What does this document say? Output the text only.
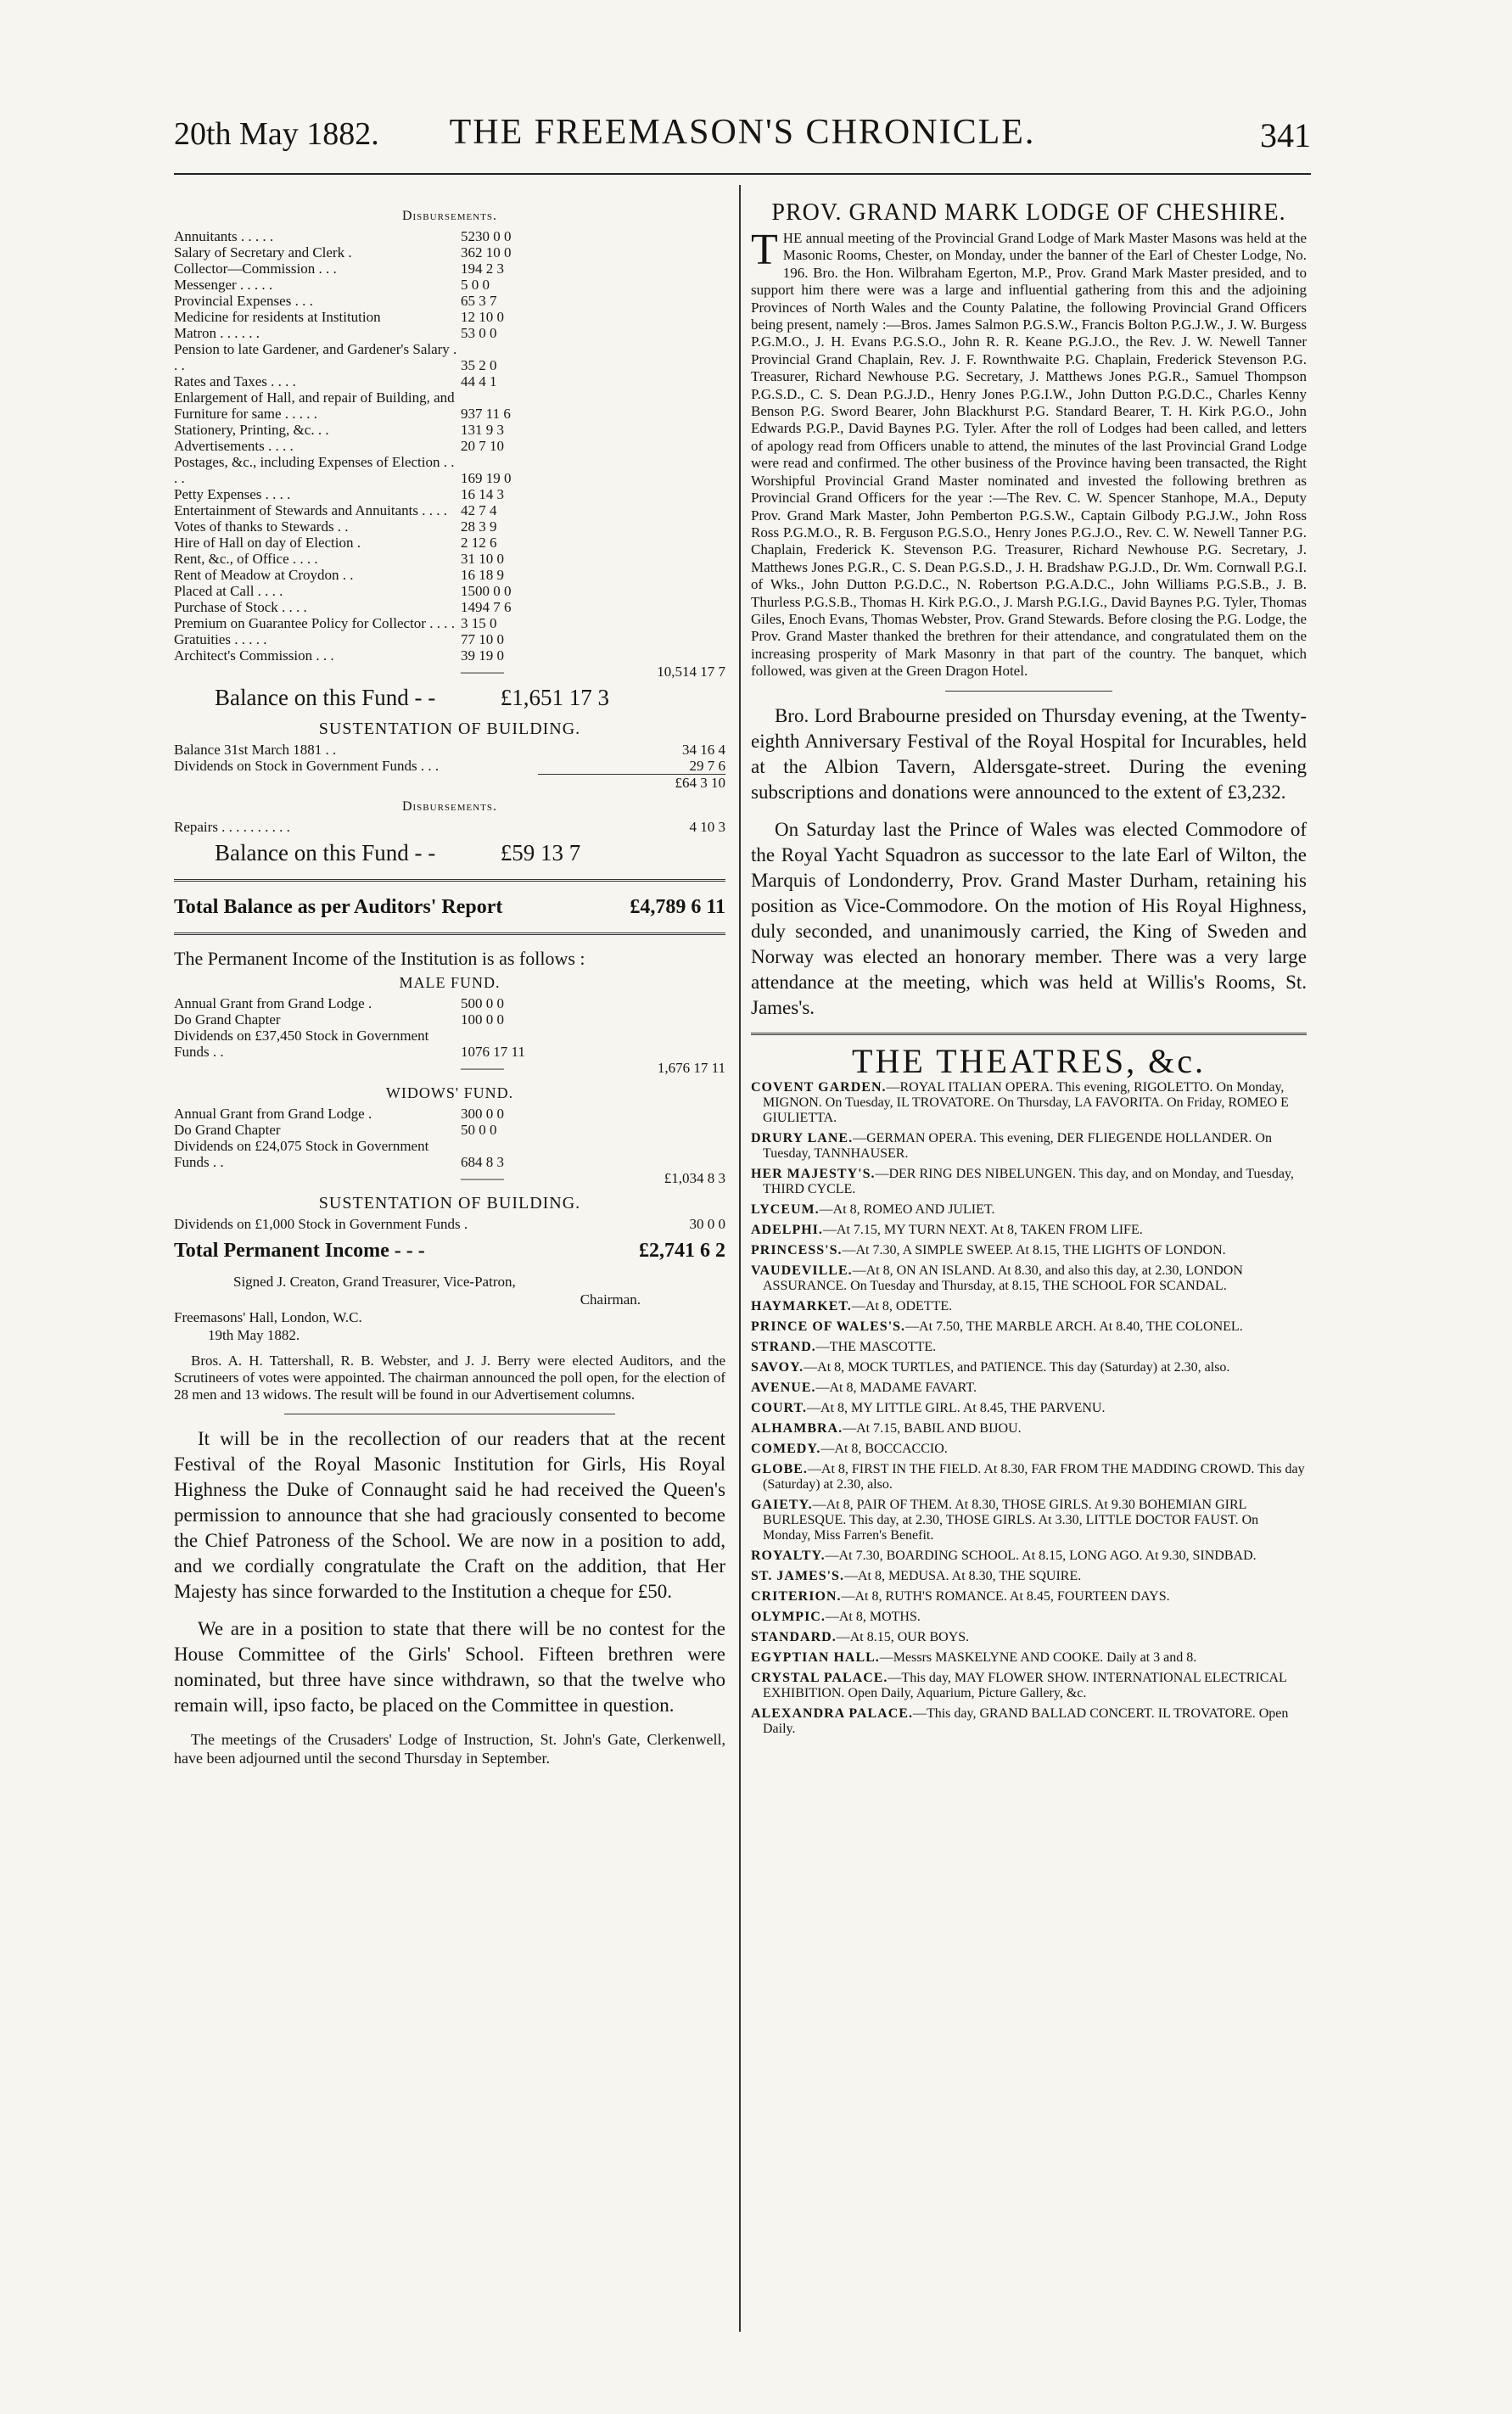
20th May 1882.	THE FREEMASON'S CHRONICLE.	341
Disbursements.
Annuitants . . . . .	5230 0 0	
Salary of Secretary and Clerk .	362 10 0	
Collector—Commission . . .	194 2 3	
Messenger . . . . .	5 0 0	
Provincial Expenses . . .	65 3 7	
Medicine for residents at Institution	12 10 0	
Matron . . . . . .	53 0 0	
Pension to late Gardener, and Gardener's Salary . . .	35 2 0	
Rates and Taxes . . . .	44 4 1	
Enlargement of Hall, and repair of Building, and Furniture for same . . . . .	937 11 6	
Stationery, Printing, &c. . .	131 9 3	
Advertisements . . . .	20 7 10	
Postages, &c., including Expenses of Election . . . .	169 19 0	
Petty Expenses . . . .	16 14 3	
Entertainment of Stewards and Annuitants . . . .	42 7 4	
Votes of thanks to Stewards . .	28 3 9	
Hire of Hall on day of Election .	2 12 6	
Rent, &c., of Office . . . .	31 10 0	
Rent of Meadow at Croydon . .	16 18 9	
Placed at Call . . . .	1500 0 0	
Purchase of Stock . . . .	1494 7 6	
Premium on Guarantee Policy for Collector . . . .	3 15 0	
Gratuities . . . . .	77 10 0	
Architect's Commission . . .	39 19 0	
	———	10,514 17 7
Balance on this Fund - -	£1,651 17 3
SUSTENTATION OF BUILDING.
Balance 31st March 1881 . .	34 16 4
Dividends on Stock in Government Funds . . .	29 7 6
		£64 3 10
Disbursements.
Repairs . . . . . . . . . .	4 10 3
Balance on this Fund - -	£59 13 7
Total Balance as per Auditors' Report	£4,789 6 11
The Permanent Income of the Institution is as follows :
MALE FUND.
Annual Grant from Grand Lodge .	500 0 0	
Do Grand Chapter	100 0 0	
Dividends on £37,450 Stock in Government Funds . .	1076 17 11	
	———	1,676 17 11
WIDOWS' FUND.
Annual Grant from Grand Lodge .	300 0 0	
Do Grand Chapter	50 0 0	
Dividends on £24,075 Stock in Government Funds . .	684 8 3	
	———	£1,034 8 3
SUSTENTATION OF BUILDING.
Dividends on £1,000 Stock in Government Funds .	30 0 0
Total Permanent Income - - -	£2,741 6 2
Signed J. Creaton, Grand Treasurer, Vice-Patron,
Chairman.
Freemasons' Hall, London, W.C.
19th May 1882.

Bros. A. H. Tattershall, R. B. Webster, and J. J. Berry were elected Auditors, and the Scrutineers of votes were appointed. The chairman announced the poll open, for the election of 28 men and 13 widows. The result will be found in our Advertisement columns.

It will be in the recollection of our readers that at the recent Festival of the Royal Masonic Institution for Girls, His Royal Highness the Duke of Connaught said he had received the Queen's permission to announce that she had graciously consented to become the Chief Patroness of the School. We are now in a position to add, and we cordially congratulate the Craft on the addition, that Her Majesty has since forwarded to the Institution a cheque for £50.
We are in a position to state that there will be no contest for the House Committee of the Girls' School. Fifteen brethren were nominated, but three have since withdrawn, so that the twelve who remain will, ipso facto, be placed on the Committee in question.

The meetings of the Crusaders' Lodge of Instruction, St. John's Gate, Clerkenwell, have been adjourned until the second Thursday in September.

PROV. GRAND MARK LODGE OF CHESHIRE.
T HE annual meeting of the Provincial Grand Lodge of Mark Master Masons was held at the Masonic Rooms, Chester, on Monday, under the banner of the Earl of Chester Lodge, No. 196. Bro. the Hon. Wilbraham Egerton, M.P., Prov. Grand Mark Master presided, and to support him there were was a large and influential gathering from this and the adjoining Provinces of North Wales and the County Palatine, the following Provincial Grand Officers being present, namely :—Bros. James Salmon P.G.S.W., Francis Bolton P.G.J.W., J. W. Burgess P.G.M.O., J. H. Evans P.G.S.O., John R. R. Keane P.G.J.O., the Rev. J. W. Newell Tanner Provincial Grand Chaplain, Rev. J. F. Rownthwaite P.G. Chaplain, Frederick Stevenson P.G. Treasurer, Richard Newhouse P.G. Secretary, J. Matthews Jones P.G.R., Samuel Thompson P.G.S.D., C. S. Dean P.G.J.D., Henry Jones P.G.I.W., John Dutton P.G.D.C., Charles Kenny Benson P.G. Sword Bearer, John Blackhurst P.G. Standard Bearer, T. H. Kirk P.G.O., John Edwards P.G.P., David Baynes P.G. Tyler. After the roll of Lodges had been called, and letters of apology read from Officers unable to attend, the minutes of the last Provincial Grand Lodge were read and confirmed. The other business of the Province having been transacted, the Right Worshipful Provincial Grand Master nominated and invested the following brethren as Provincial Grand Officers for the year :—The Rev. C. W. Spencer Stanhope, M.A., Deputy Prov. Grand Mark Master, John Pemberton P.G.S.W., Captain Gilbody P.G.J.W., John Ross Ross P.G.M.O., R. B. Ferguson P.G.S.O., Henry Jones P.G.J.O., Rev. C. W. Newell Tanner P.G. Chaplain, Frederick K. Stevenson P.G. Treasurer, Richard Newhouse P.G. Secretary, J. Matthews Jones P.G.R., C. S. Dean P.G.S.D., J. H. Bradshaw P.G.J.D., Dr. Wm. Cornwall P.G.I. of Wks., John Dutton P.G.D.C., N. Robertson P.G.A.D.C., John Williams P.G.S.B., J. B. Thurless P.G.S.B., Thomas H. Kirk P.G.O., J. Marsh P.G.I.G., David Baynes P.G. Tyler, Thomas Giles, Enoch Evans, Thomas Webster, Prov. Grand Stewards. Before closing the P.G. Lodge, the Prov. Grand Master thanked the brethren for their attendance, and congratulated them on the increasing prosperity of Mark Masonry in that part of the country. The banquet, which followed, was given at the Green Dragon Hotel.
Bro. Lord Brabourne presided on Thursday evening, at the Twenty-eighth Anniversary Festival of the Royal Hospital for Incurables, held at the Albion Tavern, Aldersgate-street. During the evening subscriptions and donations were announced to the extent of £3,232.
On Saturday last the Prince of Wales was elected Commodore of the Royal Yacht Squadron as successor to the late Earl of Wilton, the Marquis of Londonderry, Prov. Grand Master Durham, retaining his position as Vice-Commodore. On the motion of His Royal Highness, duly seconded, and unanimously carried, the King of Sweden and Norway was elected an honorary member. There was a very large attendance at the meeting, which was held at Willis's Rooms, St. James's.
THE THEATRES, &c.
COVENT GARDEN.—ROYAL ITALIAN OPERA. This evening, RIGOLETTO. On Monday, MIGNON. On Tuesday, IL TROVATORE. On Thursday, LA FAVORITA. On Friday, ROMEO E GIULIETTA.
DRURY LANE.—GERMAN OPERA. This evening, DER FLIEGENDE HOLLANDER. On Tuesday, TANNHAUSER.
HER MAJESTY'S.—DER RING DES NIBELUNGEN. This day, and on Monday, and Tuesday, THIRD CYCLE.
LYCEUM.—At 8, ROMEO AND JULIET.
ADELPHI.—At 7.15, MY TURN NEXT. At 8, TAKEN FROM LIFE.
PRINCESS'S.—At 7.30, A SIMPLE SWEEP. At 8.15, THE LIGHTS OF LONDON.
VAUDEVILLE.—At 8, ON AN ISLAND. At 8.30, and also this day, at 2.30, LONDON ASSURANCE. On Tuesday and Thursday, at 8.15, THE SCHOOL FOR SCANDAL.
HAYMARKET.—At 8, ODETTE.
PRINCE OF WALES'S.—At 7.50, THE MARBLE ARCH. At 8.40, THE COLONEL.
STRAND.—THE MASCOTTE.
SAVOY.—At 8, MOCK TURTLES, and PATIENCE. This day (Saturday) at 2.30, also.
AVENUE.—At 8, MADAME FAVART.
COURT.—At 8, MY LITTLE GIRL. At 8.45, THE PARVENU.
ALHAMBRA.—At 7.15, BABIL AND BIJOU.
COMEDY.—At 8, BOCCACCIO.
GLOBE.—At 8, FIRST IN THE FIELD. At 8.30, FAR FROM THE MADDING CROWD. This day (Saturday) at 2.30, also.
GAIETY.—At 8, PAIR OF THEM. At 8.30, THOSE GIRLS. At 9.30 BOHEMIAN GIRL BURLESQUE. This day, at 2.30, THOSE GIRLS. At 3.30, LITTLE DOCTOR FAUST. On Monday, Miss Farren's Benefit.
ROYALTY.—At 7.30, BOARDING SCHOOL. At 8.15, LONG AGO. At 9.30, SINDBAD.
ST. JAMES'S.—At 8, MEDUSA. At 8.30, THE SQUIRE.
CRITERION.—At 8, RUTH'S ROMANCE. At 8.45, FOURTEEN DAYS.
OLYMPIC.—At 8, MOTHS.
STANDARD.—At 8.15, OUR BOYS.
EGYPTIAN HALL.—Messrs MASKELYNE AND COOKE. Daily at 3 and 8.
CRYSTAL PALACE.—This day, MAY FLOWER SHOW. INTERNATIONAL ELECTRICAL EXHIBITION. Open Daily, Aquarium, Picture Gallery, &c.
ALEXANDRA PALACE.—This day, GRAND BALLAD CONCERT. IL TROVATORE. Open Daily.
